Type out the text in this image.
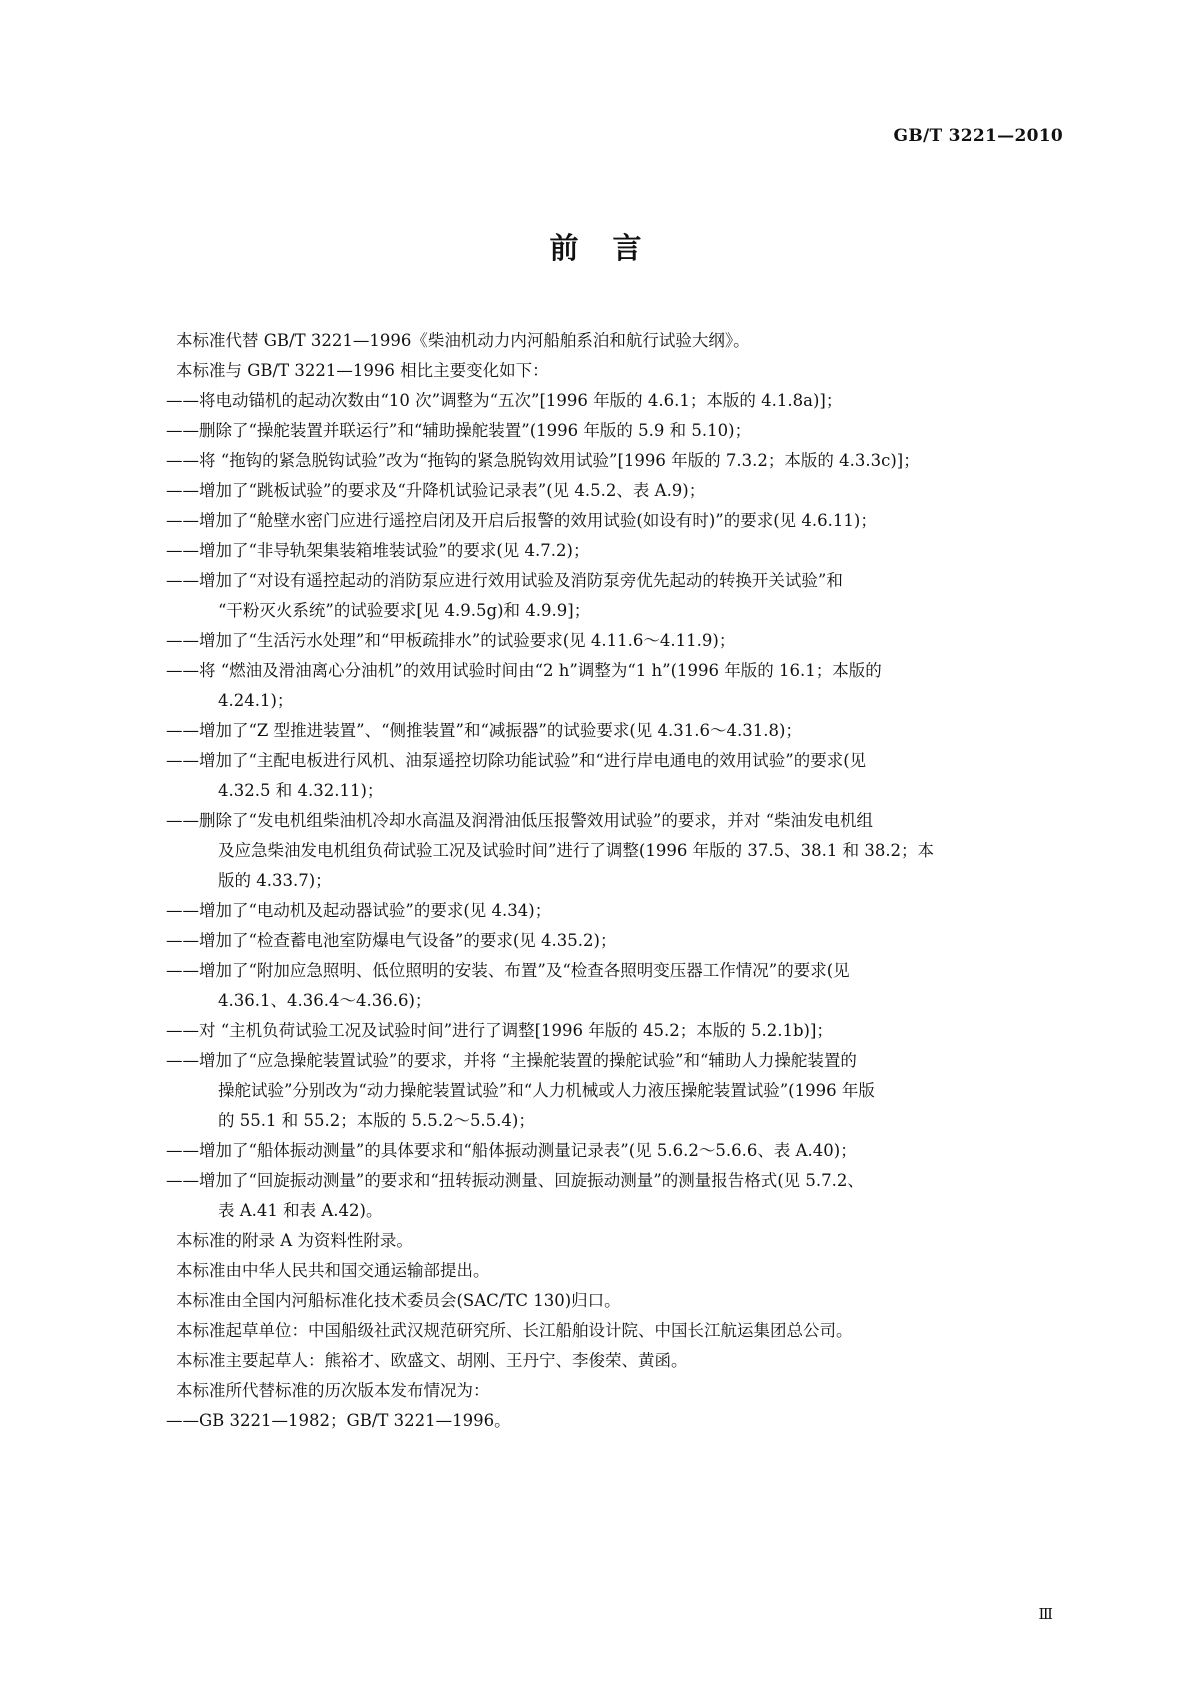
GB/T 3221—2010
前言
本标准代替 GB/T 3221—1996《柴油机动力内河船舶系泊和航行试验大纲》。
本标准与 GB/T 3221—1996 相比主要变化如下：
——将电动锚机的起动次数由“10 次”调整为“五次”[1996 年版的 4.6.1；本版的 4.1.8a)]；
——删除了“操舵装置并联运行”和“辅助操舵装置”(1996 年版的 5.9 和 5.10)；
——将 “拖钩的紧急脱钩试验”改为“拖钩的紧急脱钩效用试验”[1996 年版的 7.3.2；本版的 4.3.3c)]；
——增加了“跳板试验”的要求及“升降机试验记录表”(见 4.5.2、表 A.9)；
——增加了“舱壁水密门应进行遥控启闭及开启后报警的效用试验(如设有时)”的要求(见 4.6.11)；
——增加了“非导轨架集装箱堆装试验”的要求(见 4.7.2)；
——增加了“对设有遥控起动的消防泵应进行效用试验及消防泵旁优先起动的转换开关试验”和
“干粉灭火系统”的试验要求[见 4.9.5g)和 4.9.9]；
——增加了“生活污水处理”和“甲板疏排水”的试验要求(见 4.11.6～4.11.9)；
——将 “燃油及滑油离心分油机”的效用试验时间由“2 h”调整为“1 h”(1996 年版的 16.1；本版的
4.24.1)；
——增加了“Z 型推进装置”、“侧推装置”和“减振器”的试验要求(见 4.31.6～4.31.8)；
——增加了“主配电板进行风机、油泵遥控切除功能试验”和“进行岸电通电的效用试验”的要求(见
4.32.5 和 4.32.11)；
——删除了“发电机组柴油机冷却水高温及润滑油低压报警效用试验”的要求，并对 “柴油发电机组
及应急柴油发电机组负荷试验工况及试验时间”进行了调整(1996 年版的 37.5、38.1 和 38.2；本
版的 4.33.7)；
——增加了“电动机及起动器试验”的要求(见 4.34)；
——增加了“检查蓄电池室防爆电气设备”的要求(见 4.35.2)；
——增加了“附加应急照明、低位照明的安装、布置”及“检查各照明变压器工作情况”的要求(见
4.36.1、4.36.4～4.36.6)；
——对 “主机负荷试验工况及试验时间”进行了调整[1996 年版的 45.2；本版的 5.2.1b)]；
——增加了“应急操舵装置试验”的要求，并将 “主操舵装置的操舵试验”和“辅助人力操舵装置的
操舵试验”分别改为“动力操舵装置试验”和“人力机械或人力液压操舵装置试验”(1996 年版
的 55.1 和 55.2；本版的 5.5.2～5.5.4)；
——增加了“船体振动测量”的具体要求和“船体振动测量记录表”(见 5.6.2～5.6.6、表 A.40)；
——增加了“回旋振动测量”的要求和“扭转振动测量、回旋振动测量”的测量报告格式(见 5.7.2、
表 A.41 和表 A.42)。
本标准的附录 A 为资料性附录。
本标准由中华人民共和国交通运输部提出。
本标准由全国内河船标准化技术委员会(SAC/TC 130)归口。
本标准起草单位：中国船级社武汉规范研究所、长江船舶设计院、中国长江航运集团总公司。
本标准主要起草人：熊裕才、欧盛文、胡刚、王丹宁、李俊荣、黄函。
本标准所代替标准的历次版本发布情况为：
——GB 3221—1982；GB/T 3221—1996。
Ⅲ
